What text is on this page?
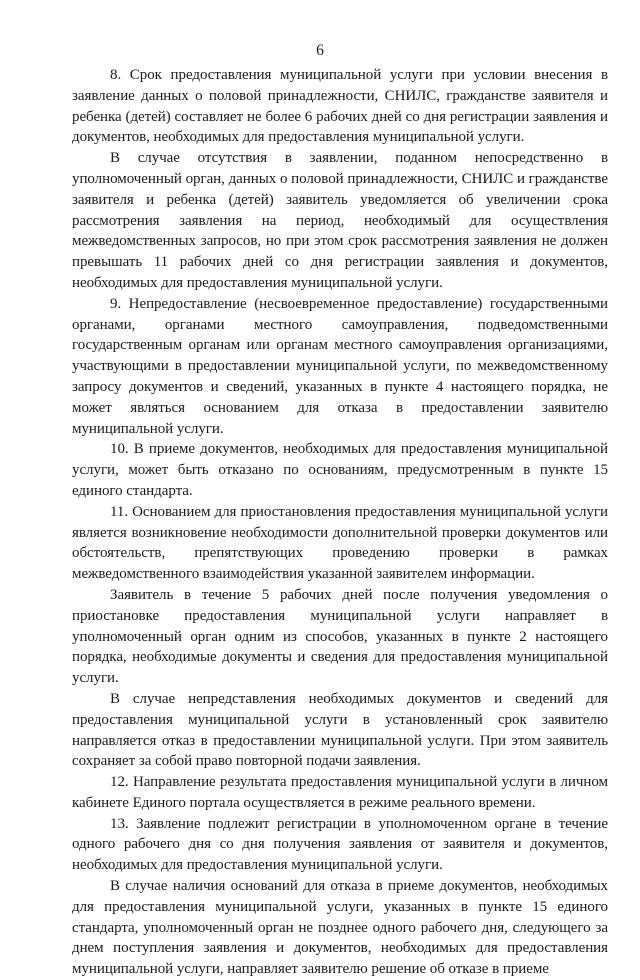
6

8. Срок предоставления муниципальной услуги при условии внесения в заявление данных о половой принадлежности, СНИЛС, гражданстве заявителя и ребенка (детей) составляет не более 6 рабочих дней со дня регистрации заявления и документов, необходимых для предоставления муниципальной услуги.

В случае отсутствия в заявлении, поданном непосредственно в уполномоченный орган, данных о половой принадлежности, СНИЛС и гражданстве заявителя и ребенка (детей) заявитель уведомляется об увеличении срока рассмотрения заявления на период, необходимый для осуществления межведомственных запросов, но при этом срок рассмотрения заявления не должен превышать 11 рабочих дней со дня регистрации заявления и документов, необходимых для предоставления муниципальной услуги.

9. Непредоставление (несвоевременное предоставление) государственными органами, органами местного самоуправления, подведомственными государственным органам или органам местного самоуправления организациями, участвующими в предоставлении муниципальной услуги, по межведомственному запросу документов и сведений, указанных в пункте 4 настоящего порядка, не может являться основанием для отказа в предоставлении заявителю муниципальной услуги.

10. В приеме документов, необходимых для предоставления муниципальной услуги, может быть отказано по основаниям, предусмотренным в пункте 15 единого стандарта.

11. Основанием для приостановления предоставления муниципальной услуги является возникновение необходимости дополнительной проверки документов или обстоятельств, препятствующих проведению проверки в рамках межведомственного взаимодействия указанной заявителем информации.

Заявитель в течение 5 рабочих дней после получения уведомления о приостановке предоставления муниципальной услуги направляет в уполномоченный орган одним из способов, указанных в пункте 2 настоящего порядка, необходимые документы и сведения для предоставления муниципальной услуги.

В случае непредставления необходимых документов и сведений для предоставления муниципальной услуги в установленный срок заявителю направляется отказ в предоставлении муниципальной услуги. При этом заявитель сохраняет за собой право повторной подачи заявления.

12. Направление результата предоставления муниципальной услуги в личном кабинете Единого портала осуществляется в режиме реального времени.

13. Заявление подлежит регистрации в уполномоченном органе в течение одного рабочего дня со дня получения заявления от заявителя и документов, необходимых для предоставления муниципальной услуги.

В случае наличия оснований для отказа в приеме документов, необходимых для предоставления муниципальной услуги, указанных в пункте 15 единого стандарта, уполномоченный орган не позднее одного рабочего дня, следующего за днем поступления заявления и документов, необходимых для предоставления муниципальной услуги, направляет заявителю решение об отказе в приеме
